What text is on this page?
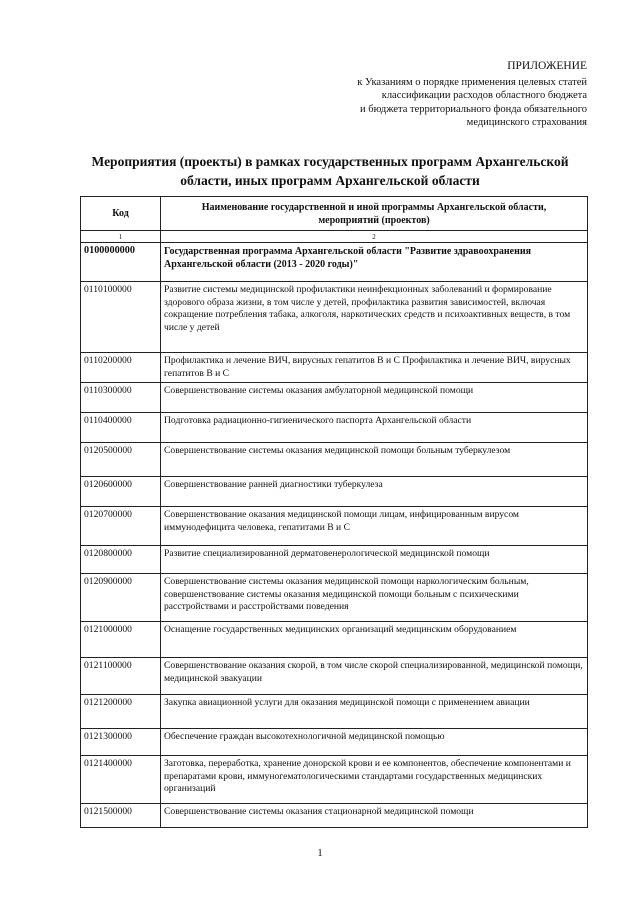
ПРИЛОЖЕНИЕ
к Указаниям о порядке применения целевых статей
классификации расходов областного бюджета
и бюджета территориального фонда обязательного
медицинского страхования
Мероприятия (проекты) в рамках государственных программ Архангельской
области, иных программ Архангельской области
Код	Наименование государственной и иной программы Архангельской области,
мероприятий (проектов)

1	2
0100000000	Государственная программа Архангельской области "Развитие здравоохранения Архангельской области (2013 - 2020 годы)"
0110100000	Развитие системы медицинской профилактики неинфекционных заболеваний и формирование здорового образа жизни, в том числе у детей, профилактика развития зависимостей, включая сокращение потребления табака, алкоголя, наркотических средств и психоактивных веществ, в том числе у детей
0110200000	Профилактика и лечение ВИЧ, вирусных гепатитов B и C Профилактика и лечение ВИЧ, вирусных гепатитов B и C
0110300000	Совершенствование системы оказания амбулаторной медицинской помощи
0110400000	Подготовка радиационно-гигиенического паспорта Архангельской области
0120500000	Совершенствование системы оказания медицинской помощи больным туберкулезом
0120600000	Совершенствование ранней диагностики туберкулеза
0120700000	Совершенствование оказания медицинской помощи лицам, инфицированным вирусом иммунодефицита человека, гепатитами B и C
0120800000	Развитие специализированной дерматовенерологической медицинской помощи
0120900000	Совершенствование системы оказания медицинской помощи наркологическим больным, совершенствование системы оказания медицинской помощи больным с психическими расстройствами и расстройствами поведения
0121000000	Оснащение государственных медицинских организаций медицинским оборудованием
0121100000	Совершенствование оказания скорой, в том числе скорой специализированной, медицинской помощи, медицинской эвакуации
0121200000	Закупка авиационной услуги для оказания медицинской помощи с применением авиации
0121300000	Обеспечение граждан высокотехнологичной медицинской помощью
0121400000	Заготовка, переработка, хранение донорской крови и ее компонентов, обеспечение компонентами и препаратами крови, иммуногематологическими стандартами государственных медицинских организаций
0121500000	Совершенствование системы оказания стационарной медицинской помощи
1
